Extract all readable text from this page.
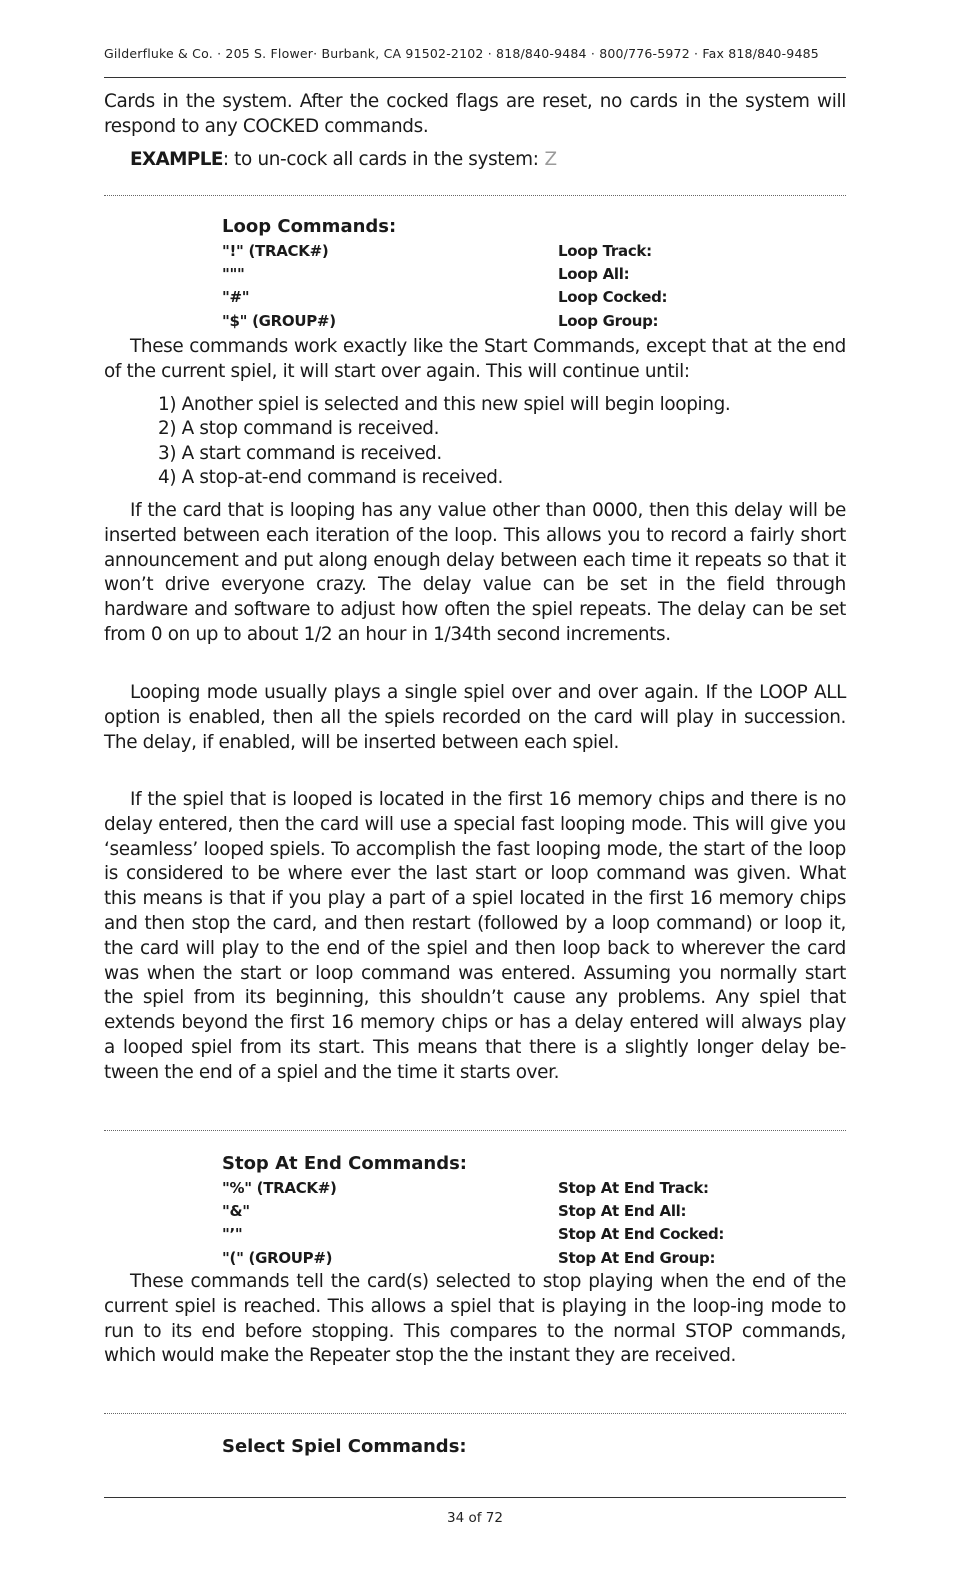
Gilderfluke & Co. · 205 S. Flower· Burbank, CA 91502-2102 · 818/840-9484 · 800/776-5972 · Fax 818/840-9485

Cards in the system. After the cocked flags are reset, no cards in the system will respond to any COCKED commands.

EXAMPLE: to un-cock all cards in the system: Z

Loop Commands:

"!" (TRACK#)	Loop Track:
"""	Loop All:
"#"	Loop Cocked:
"$" (GROUP#)	Loop Group:

These commands work exactly like the Start Commands, except that at the end of the current spiel, it will start over again. This will continue until:

1) Another spiel is selected and this new spiel will begin looping.
2) A stop command is received.
3) A start command is received.
4) A stop-at-end command is received.

If the card that is looping has any value other than 0000, then this delay will be inserted between each iteration of the loop. This allows you to record a fairly short announcement and put along enough delay between each time it repeats so that it won’t drive everyone crazy. The delay value can be set in the field through hardware and software to adjust how often the spiel repeats. The delay can be set from 0 on up to about 1/2 an hour in 1/34th second increments.

Looping mode usually plays a single spiel over and over again. If the LOOP ALL option is enabled, then all the spiels recorded on the card will play in succession. The delay, if enabled, will be inserted between each spiel.

If the spiel that is looped is located in the first 16 memory chips and there is no delay entered, then the card will use a special fast looping mode. This will give you ‘seamless’ looped spiels. To accomplish the fast looping mode, the start of the loop is considered to be where ever the last start or loop command was given. What this means is that if you play a part of a spiel located in the first 16 memory chips and then stop the card, and then restart (followed by a loop command) or loop it, the card will play to the end of the spiel and then loop back to wherever the card was when the start or loop command was entered. Assuming you normally start the spiel from its beginning, this shouldn’t cause any problems. Any spiel that extends beyond the first 16 memory chips or has a delay entered will always play a looped spiel from its start. This means that there is a slightly longer delay be-tween the end of a spiel and the time it starts over.

Stop At End Commands:

"%" (TRACK#)	Stop At End Track:
"&"	Stop At End All:
"’"	Stop At End Cocked:
"(" (GROUP#)	Stop At End Group:

These commands tell the card(s) selected to stop playing when the end of the current spiel is reached. This allows a spiel that is playing in the loop-ing mode to run to its end before stopping. This compares to the normal STOP commands, which would make the Repeater stop the the instant they are received.

Select Spiel Commands:

34 of 72
